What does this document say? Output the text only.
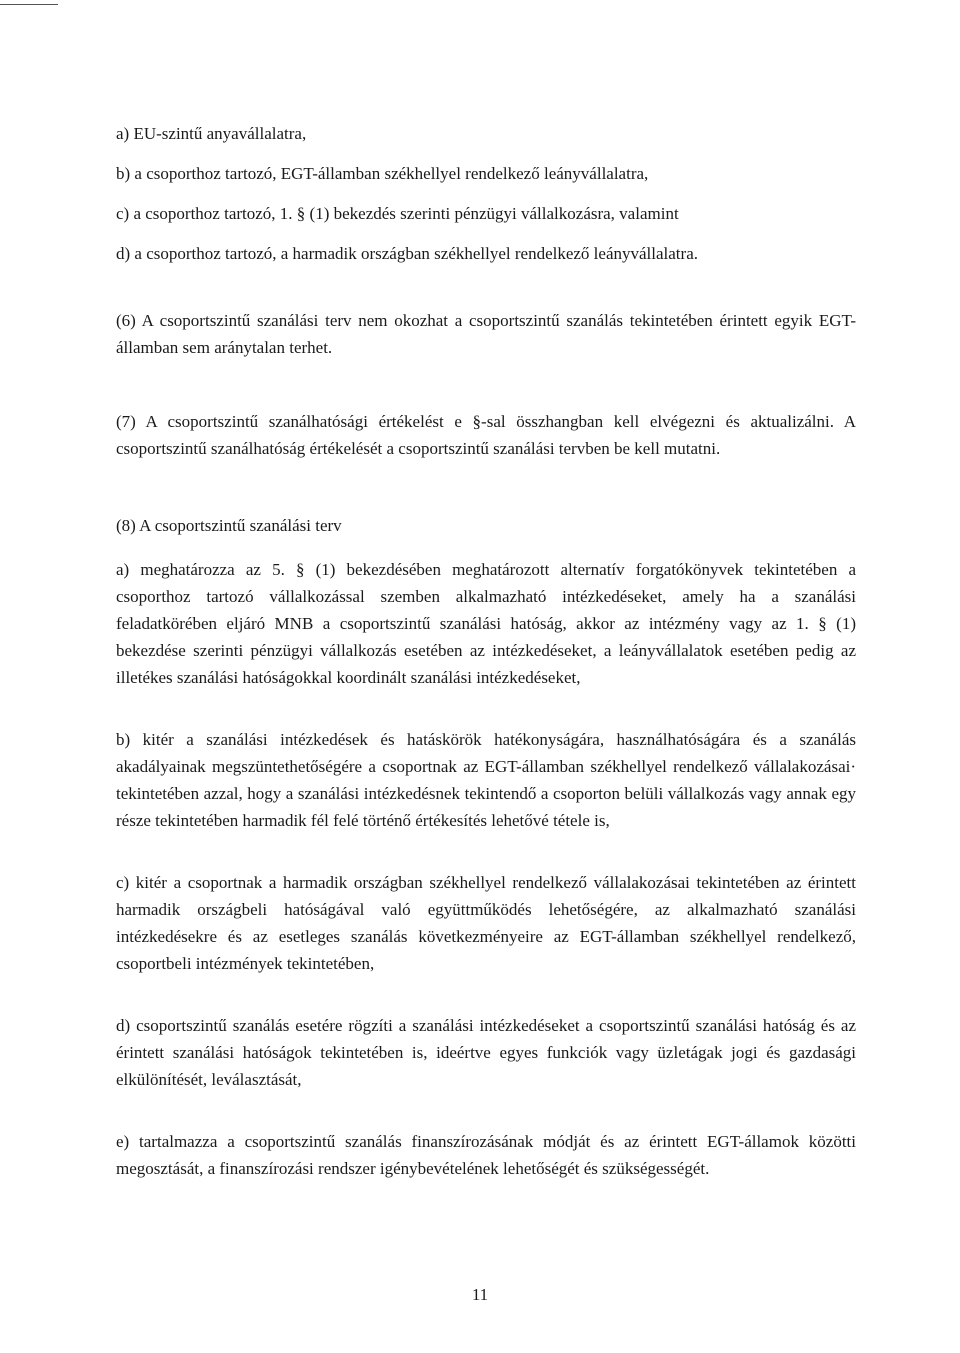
a) EU-szintű anyavállalatra,

b) a csoporthoz tartozó, EGT-államban székhellyel rendelkező leányvállalatra,

c) a csoporthoz tartozó, 1. § (1) bekezdés szerinti pénzügyi vállalkozásra, valamint

d) a csoporthoz tartozó, a harmadik országban székhellyel rendelkező leányvállalatra.

(6) A csoportszintű szanálási terv nem okozhat a csoportszintű szanálás tekintetében érintett egyik EGT-államban sem aránytalan terhet.

(7) A csoportszintű szanálhatósági értékelést e §-sal összhangban kell elvégezni és aktualizálni. A csoportszintű szanálhatóság értékelését a csoportszintű szanálási tervben be kell mutatni.

(8) A csoportszintű szanálási terv

a) meghatározza az 5. § (1) bekezdésében meghatározott alternatív forgatókönyvek tekintetében a csoporthoz tartozó vállalkozással szemben alkalmazható intézkedéseket, amely ha a szanálási feladatkörében eljáró MNB a csoportszintű szanálási hatóság, akkor az intézmény vagy az 1. § (1) bekezdése szerinti pénzügyi vállalkozás esetében az intézkedéseket, a leányvállalatok esetében pedig az illetékes szanálási hatóságokkal koordinált szanálási intézkedéseket,

b) kitér a szanálási intézkedések és hatáskörök hatékonyságára, használhatóságára és a szanálás akadályainak megszüntethetőségére a csoportnak az EGT-államban székhellyel rendelkező vállalakozásai· tekintetében azzal, hogy a szanálási intézkedésnek tekintendő a csoporton belüli vállalkozás vagy annak egy része tekintetében harmadik fél felé történő értékesítés lehetővé tétele is,

c) kitér a csoportnak a harmadik országban székhellyel rendelkező vállalakozásai tekintetében az érintett harmadik országbeli hatóságával való együttműködés lehetőségére, az alkalmazható szanálási intézkedésekre és az esetleges szanálás következményeire az EGT-államban székhellyel rendelkező, csoportbeli intézmények tekintetében,

d) csoportszintű szanálás esetére rögzíti a szanálási intézkedéseket a csoportszintű szanálási hatóság és az érintett szanálási hatóságok tekintetében is, ideértve egyes funkciók vagy üzletágak jogi és gazdasági elkülönítését, leválasztását,

e) tartalmazza a csoportszintű szanálás finanszírozásának módját és az érintett EGT-államok közötti megosztását, a finanszírozási rendszer igénybevételének lehetőségét és szükségességét.

11
